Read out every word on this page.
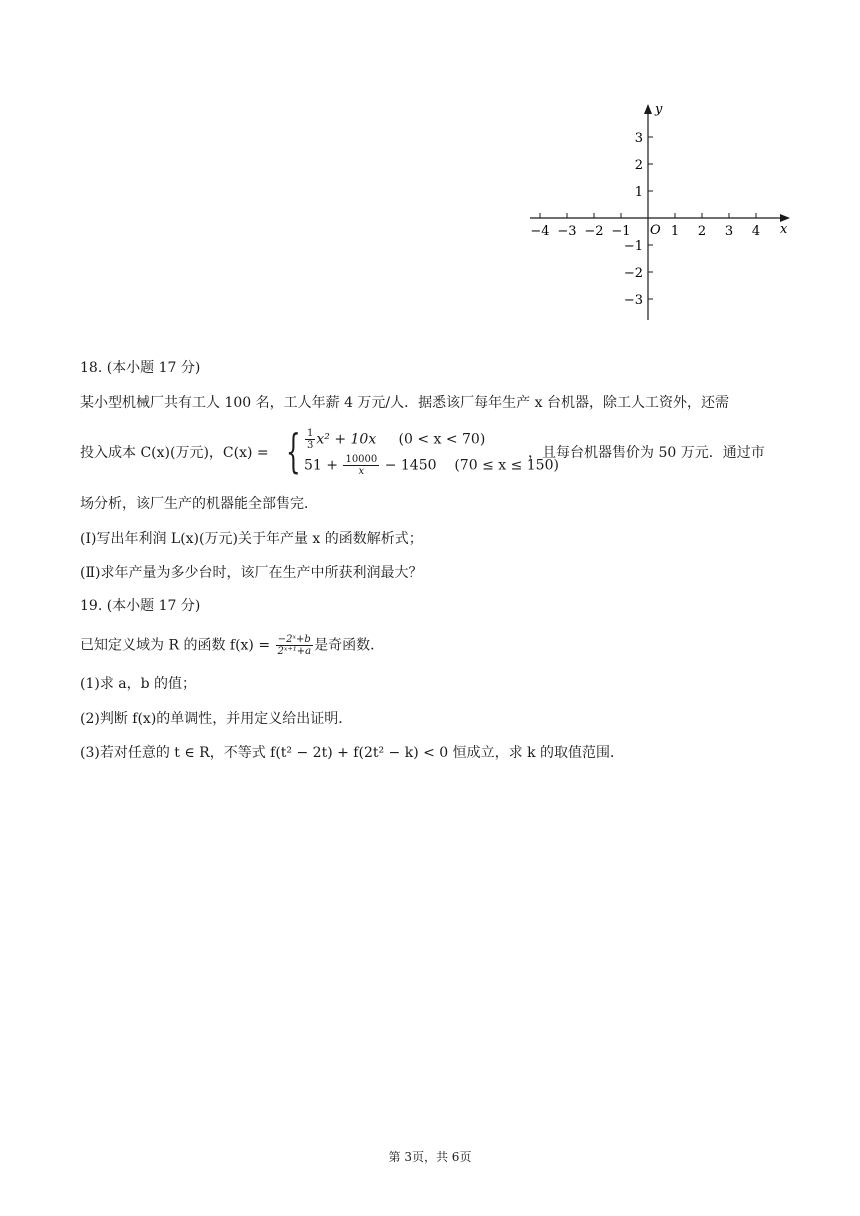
x
y
O
−4 −3 −2 −1	1 2 3 4
3
2
1
−1
−2
−3
18. (本小题 17 分)
某小型机械厂共有工人 100 名，工人年薪 4 万元/人．据悉该厂每年生产 x 台机器，除工人工资外，还需
投入成本 C(x)(万元)，C(x) = { $\frac{1}{3} x^2 + 10x$ (0 < x < 70)
$51 + \frac{10000}{x} - 1450$ (70 ≤ x ≤ 150)
，且每台机器售价为 50 万元．通过市
场分析，该厂生产的机器能全部售完．
(Ⅰ)写出年利润 L(x)(万元)关于年产量 x 的函数解析式；
(Ⅱ)求年产量为多少台时，该厂在生产中所获利润最大？
19. (本小题 17 分)
已知定义域为 R 的函数 $f(x) = \frac{\text{−2ˣ+b}}{\text{2ˣ⁺¹+a}}$ 是奇函数．
(1)求 a，b 的值；
(2)判断 f(x)的单调性，并用定义给出证明．
(3)若对任意的 t ∈ R，不等式 f(t² − 2t) + f(2t² − k) < 0 恒成立，求 k 的取值范围．
第 3页，共 6页
